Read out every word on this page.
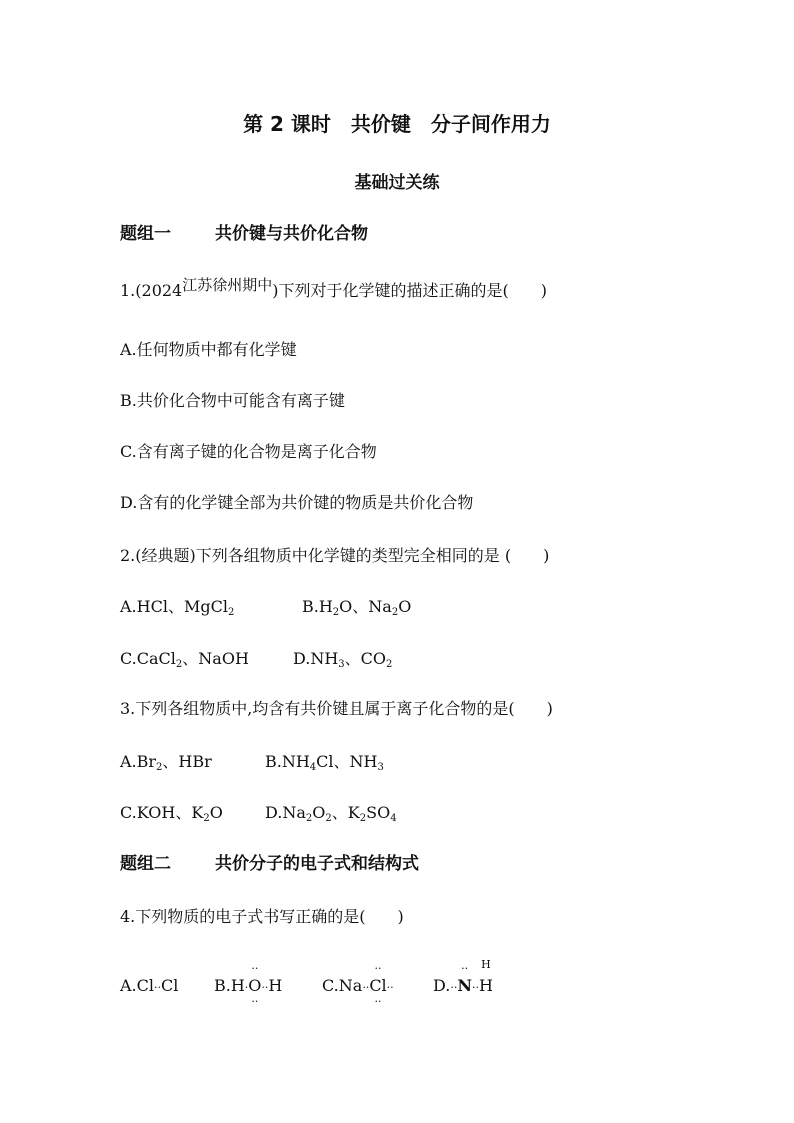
第 2 课时　共价键　分子间作用力
基础过关练
题组一	共价键与共价化合物
1.(2024江苏徐州期中)下列对于化学键的描述正确的是( )
A.任何物质中都有化学键
B.共价化合物中可能含有离子键
C.含有离子键的化合物是离子化合物
D.含有的化学键全部为共价键的物质是共价化合物
2.(经典题)下列各组物质中化学键的类型完全相同的是 ( )
A.HCl、MgCl$_2$	$B.H_2O$、$Na_2O$
C.CaCl$_2$、NaOH	$D.NH_3$、$CO_2$
3.下列各组物质中,均含有共价键且属于离子化合物的是( )
$A.Br_2$、HBr	$B.NH_4Cl$、$NH_3$
C.KOH、$K_2O$	$D.Na_2O_2$、$K_2SO_4$
题组二	共价分子的电子式和结构式
4.下列物质的电子式书写正确的是( )
A.Cl··Cl B.H·
··
O
··
··H C.Na··
··
Cl
··
·· D.··
··
N··
H
H
